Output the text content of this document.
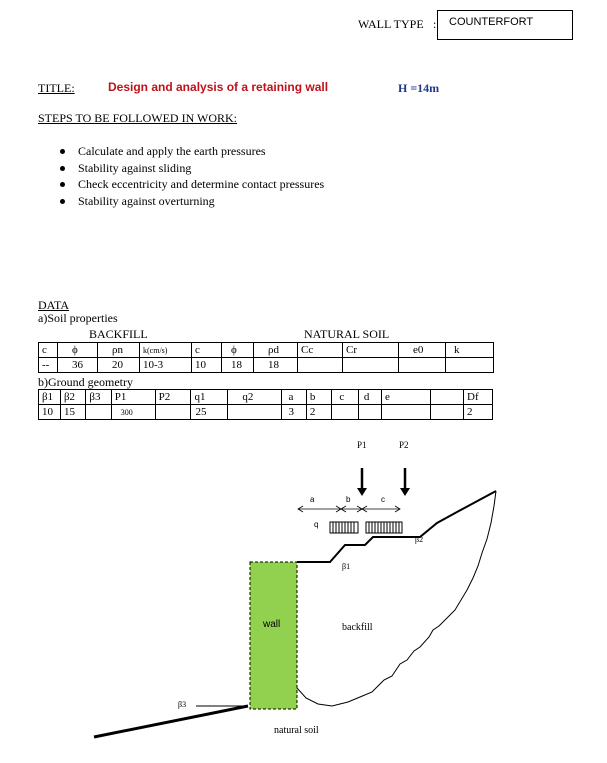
WALL TYPE :	COUNTERFORT
TITLE:	Design and analysis of a retaining wall	H =14m
STEPS TO BE FOLLOWED IN WORK:
Calculate and apply the earth pressures
Stability against sliding
Check eccentricity and determine contact pressures
Stability against overturning
DATA
a)Soil properties
BACKFILL	NATURAL SOIL
c	ϕ	ρn	k(cm/s)	c	ϕ	ρd	Cc	Cr	e0	k
--	36	20	10-3	10	18	18				
b)Ground geometry
β1	β2	β3	P1	P2	q1	q2	a	b	c	d	e		Df
10	15		300		25		3	2					2
P1	P2
a	b	c
q
β1
β2
β3
wall	backfill
natural soil
